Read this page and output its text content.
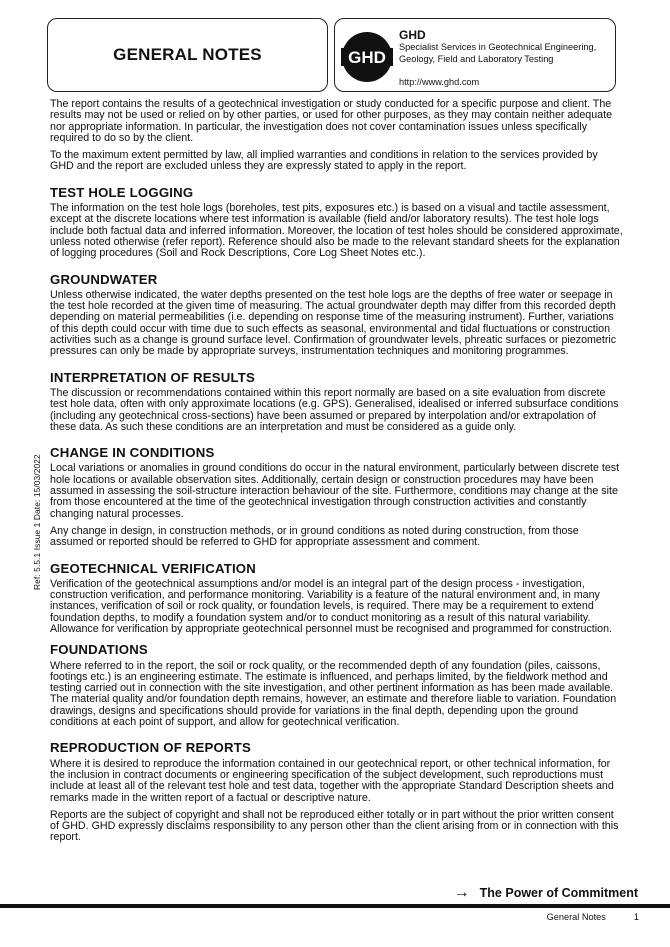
GENERAL NOTES	GHD
GHD
Specialist Services in Geotechnical Engineering, Geology, Field and Laboratory Testing
http://www.ghd.com
Ref: 5.5.1 Issue 1 Date: 15/03/2022

The report contains the results of a geotechnical investigation or study conducted for a specific purpose and client. The results may not be used or relied on by other parties, or used for other purposes, as they may contain neither adequate nor appropriate information. In particular, the investigation does not cover contamination issues unless specifically required to do so by the client.

To the maximum extent permitted by law, all implied warranties and conditions in relation to the services provided by GHD and the report are excluded unless they are expressly stated to apply in the report.

TEST HOLE LOGGING

The information on the test hole logs (boreholes, test pits, exposures etc.) is based on a visual and tactile assessment, except at the discrete locations where test information is available (field and/or laboratory results). The test hole logs include both factual data and inferred information. Moreover, the location of test holes should be considered approximate, unless noted otherwise (refer report). Reference should also be made to the relevant standard sheets for the explanation of logging procedures (Soil and Rock Descriptions, Core Log Sheet Notes etc.).

GROUNDWATER

Unless otherwise indicated, the water depths presented on the test hole logs are the depths of free water or seepage in the test hole recorded at the given time of measuring. The actual groundwater depth may differ from this recorded depth depending on material permeabilities (i.e. depending on response time of the measuring instrument). Further, variations of this depth could occur with time due to such effects as seasonal, environmental and tidal fluctuations or construction activities such as a change is ground surface level. Confirmation of groundwater levels, phreatic surfaces or piezometric pressures can only be made by appropriate surveys, instrumentation techniques and monitoring programmes.

INTERPRETATION OF RESULTS

The discussion or recommendations contained within this report normally are based on a site evaluation from discrete test hole data, often with only approximate locations (e.g. GPS). Generalised, idealised or inferred subsurface conditions (including any geotechnical cross-sections) have been assumed or prepared by interpolation and/or extrapolation of these data. As such these conditions are an interpretation and must be considered as a guide only.

CHANGE IN CONDITIONS

Local variations or anomalies in ground conditions do occur in the natural environment, particularly between discrete test hole locations or available observation sites. Additionally, certain design or construction procedures may have been assumed in assessing the soil-structure interaction behaviour of the site. Furthermore, conditions may change at the site from those encountered at the time of the geotechnical investigation through construction activities and constantly changing natural processes.

Any change in design, in construction methods, or in ground conditions as noted during construction, from those assumed or reported should be referred to GHD for appropriate assessment and comment.

GEOTECHNICAL VERIFICATION

Verification of the geotechnical assumptions and/or model is an integral part of the design process - investigation, construction verification, and performance monitoring. Variability is a feature of the natural environment and, in many instances, verification of soil or rock quality, or foundation levels, is required. There may be a requirement to extend foundation depths, to modify a foundation system and/or to conduct monitoring as a result of this natural variability. Allowance for verification by appropriate geotechnical personnel must be recognised and programmed for construction.

FOUNDATIONS

Where referred to in the report, the soil or rock quality, or the recommended depth of any foundation (piles, caissons, footings etc.) is an engineering estimate. The estimate is influenced, and perhaps limited, by the fieldwork method and testing carried out in connection with the site investigation, and other pertinent information as has been made available. The material quality and/or foundation depth remains, however, an estimate and therefore liable to variation. Foundation drawings, designs and specifications should provide for variations in the final depth, depending upon the ground conditions at each point of support, and allow for geotechnical verification.

REPRODUCTION OF REPORTS

Where it is desired to reproduce the information contained in our geotechnical report, or other technical information, for the inclusion in contract documents or engineering specification of the subject development, such reproductions must include at least all of the relevant test hole and test data, together with the appropriate Standard Description sheets and remarks made in the written report of a factual or descriptive nature.

Reports are the subject of copyright and shall not be reproduced either totally or in part without the prior written consent of GHD. GHD expressly disclaims responsibility to any person other than the client arising from or in connection with this report.

→ The Power of Commitment
General Notes	1
